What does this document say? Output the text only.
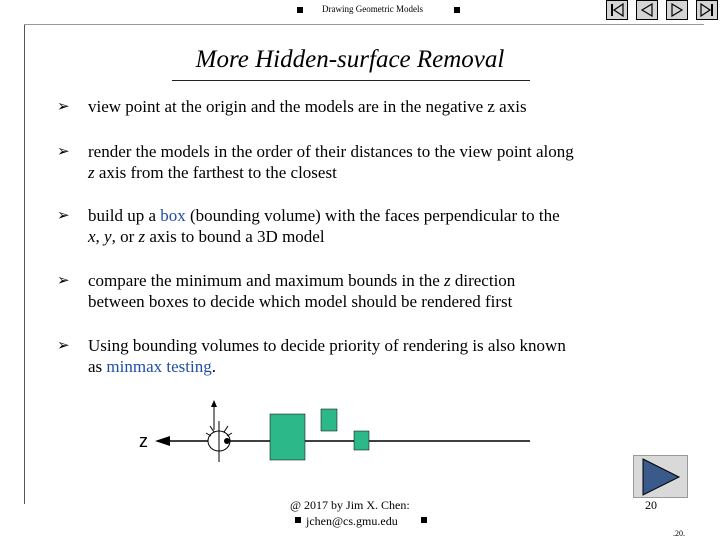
Drawing Geometric Models
More Hidden-surface Removal
➢ view point at the origin and the models are in the negative z axis
➢ render the models in the order of their distances to the view point along
z axis from the farthest to the closest
➢ build up a box (bounding volume) with the faces perpendicular to the
x, y, or z axis to bound a 3D model
➢ compare the minimum and maximum bounds in the z direction
between boxes to decide which model should be rendered first
➢ Using bounding volumes to decide priority of rendering is also known
as minmax testing.
z
@ 2017 by Jim X. Chen:
jchen@cs.gmu.edu
20
.20.
